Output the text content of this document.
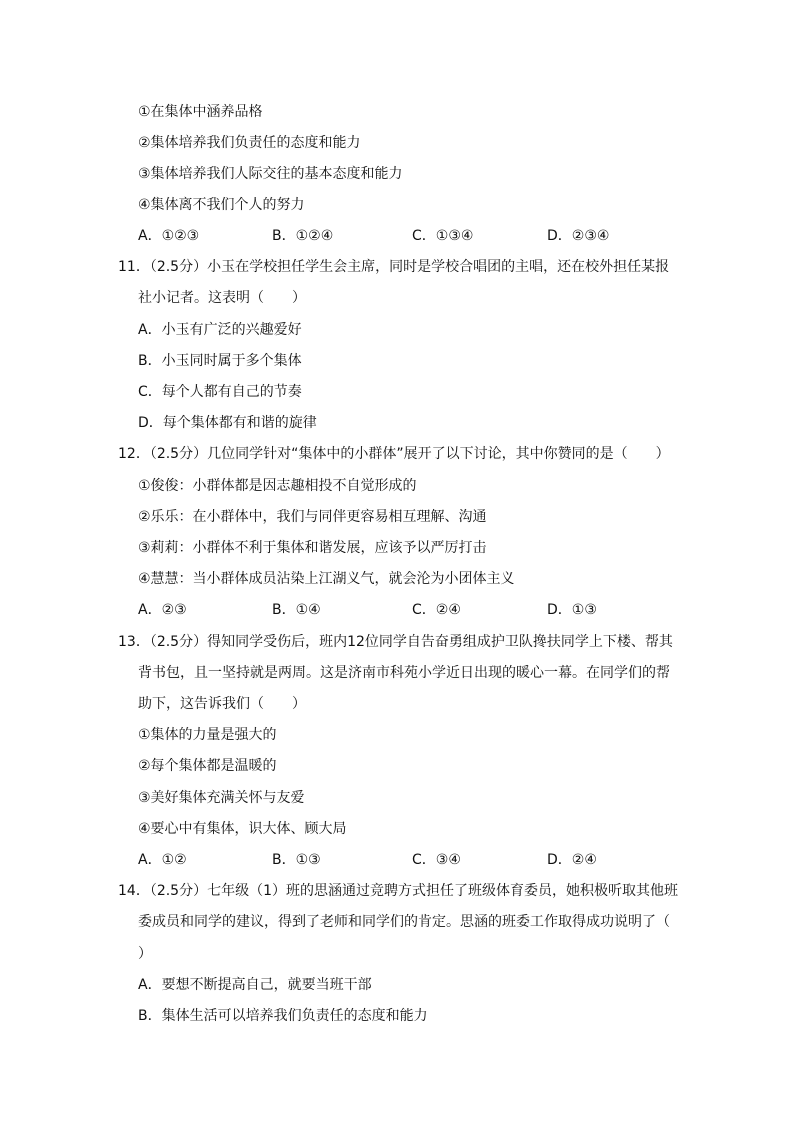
①在集体中涵养品格
②集体培养我们负责任的态度和能力
③集体培养我们人际交往的基本态度和能力
④集体离不我们个人的努力
A．①②③	B．①②④	C．①③④	D．②③④
11．（2.5分）小玉在学校担任学生会主席，同时是学校合唱团的主唱，还在校外担任某报
社小记者。这表明（　　）
A．小玉有广泛的兴趣爱好
B．小玉同时属于多个集体
C．每个人都有自己的节奏
D．每个集体都有和谐的旋律
12．（2.5分）几位同学针对“集体中的小群体”展开了以下讨论，其中你赞同的是（　　）
①俊俊：小群体都是因志趣相投不自觉形成的
②乐乐：在小群体中，我们与同伴更容易相互理解、沟通
③莉莉：小群体不利于集体和谐发展，应该予以严厉打击
④慧慧：当小群体成员沾染上江湖义气，就会沦为小团体主义
A．②③	B．①④	C．②④	D．①③
13．（2.5分）得知同学受伤后，班内12位同学自告奋勇组成护卫队搀扶同学上下楼、帮其
背书包，且一坚持就是两周。这是济南市科苑小学近日出现的暖心一幕。在同学们的帮
助下，这告诉我们（　　）
①集体的力量是强大的
②每个集体都是温暖的
③美好集体充满关怀与友爱
④要心中有集体，识大体、顾大局
A．①②	B．①③	C．③④	D．②④
14．（2.5分）七年级（1）班的思涵通过竞聘方式担任了班级体育委员，她积极听取其他班
委成员和同学的建议，得到了老师和同学们的肯定。思涵的班委工作取得成功说明了（
）
A．要想不断提高自己，就要当班干部
B．集体生活可以培养我们负责任的态度和能力
